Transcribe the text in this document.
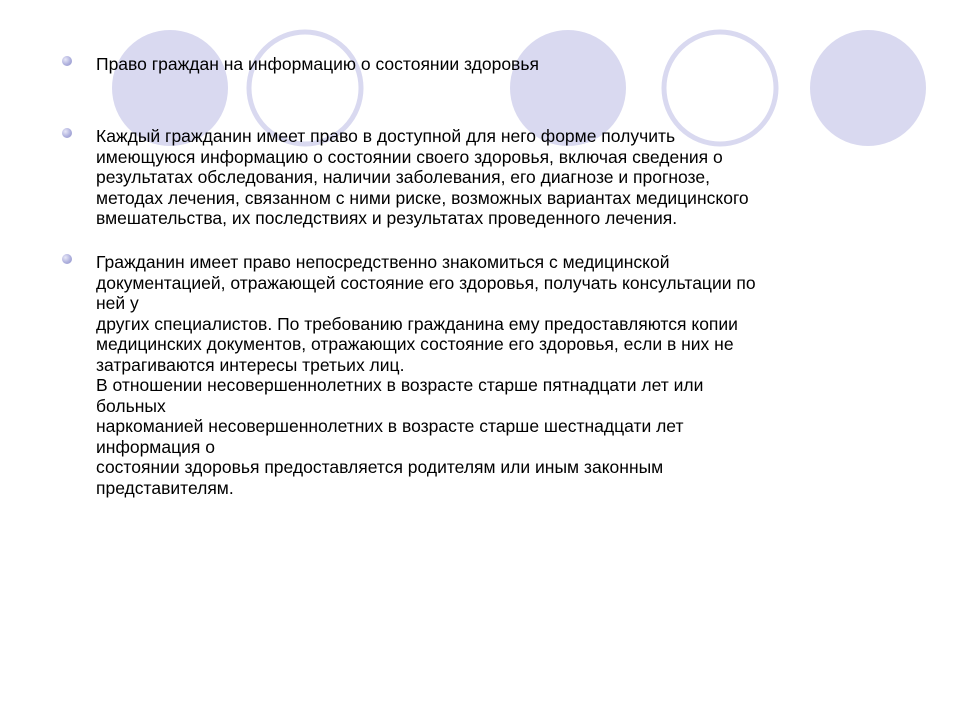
Право граждан на информацию о состоянии здоровья
Каждый гражданин имеет право в доступной для него форме получить
имеющуюся информацию о состоянии своего здоровья, включая сведения о
результатах обследования, наличии заболевания, его диагнозе и прогнозе,
методах лечения, связанном с ними риске, возможных вариантах медицинского
вмешательства, их последствиях и результатах проведенного лечения.
Гражданин имеет право непосредственно знакомиться с медицинской
документацией, отражающей состояние его здоровья, получать консультации по
ней у
других специалистов. По требованию гражданина ему предоставляются копии
медицинских документов, отражающих состояние его здоровья, если в них не
затрагиваются интересы третьих лиц.
В отношении несовершеннолетних в возрасте старше пятнадцати лет или
больных
наркоманией несовершеннолетних в возрасте старше шестнадцати лет
информация о
состоянии здоровья предоставляется родителям или иным законным
представителям.
